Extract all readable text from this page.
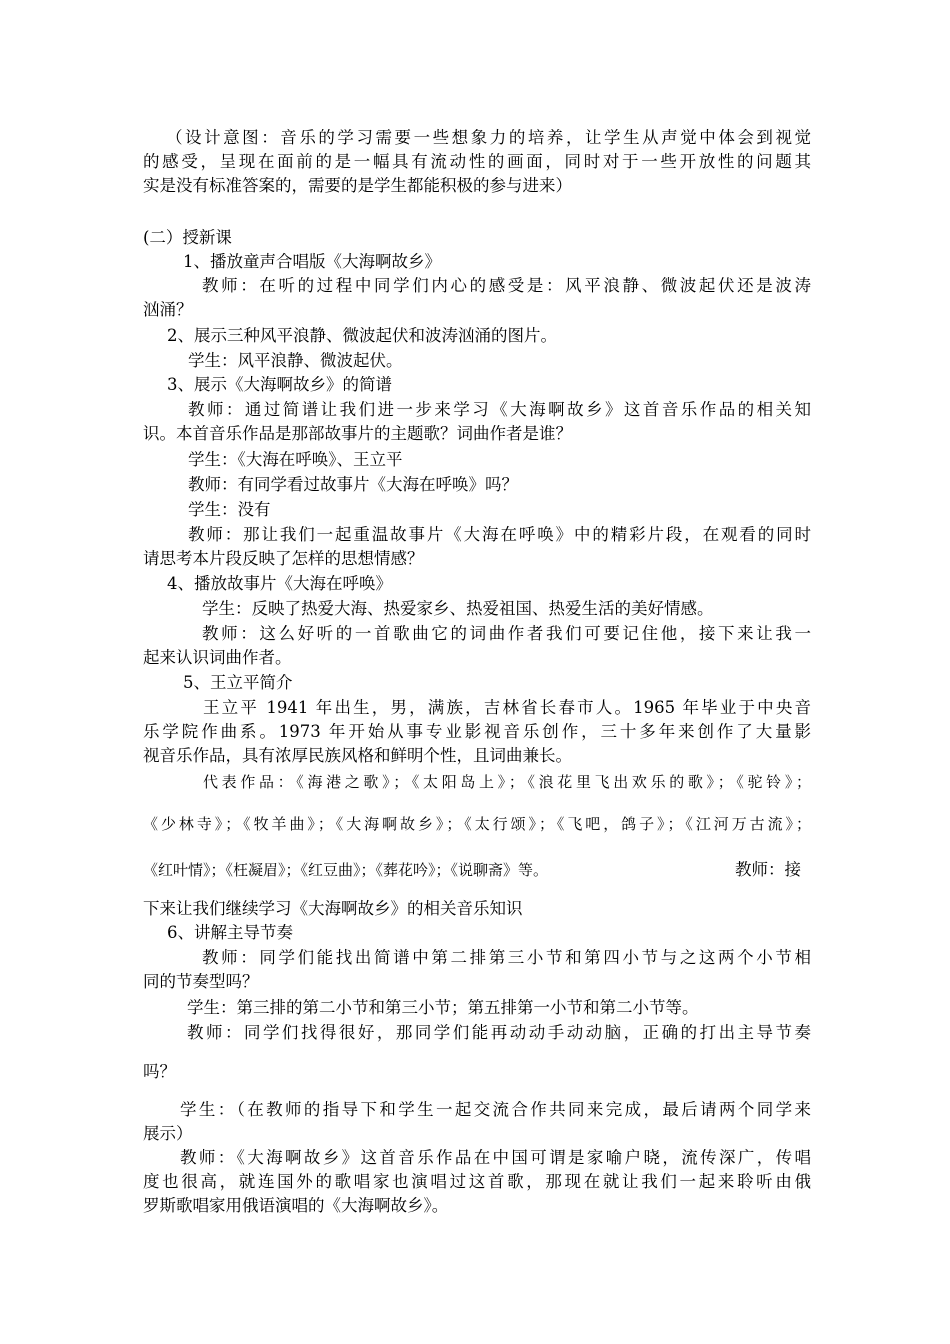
（设计意图：音乐的学习需要一些想象力的培养，让学生从声觉中体会到视觉
的感受，呈现在面前的是一幅具有流动性的画面，同时对于一些开放性的问题其
实是没有标准答案的，需要的是学生都能积极的参与进来）
(二）授新课
1、播放童声合唱版《大海啊故乡》
教师：在听的过程中同学们内心的感受是：风平浪静、微波起伏还是波涛
汹涌？
2、展示三种风平浪静、微波起伏和波涛汹涌的图片。
学生：风平浪静、微波起伏。
3、展示《大海啊故乡》的简谱
教师：通过简谱让我们进一步来学习《大海啊故乡》这首音乐作品的相关知
识。本首音乐作品是那部故事片的主题歌？词曲作者是谁？
学生：《大海在呼唤》、王立平
教师：有同学看过故事片《大海在呼唤》吗？
学生：没有
教师：那让我们一起重温故事片《大海在呼唤》中的精彩片段，在观看的同时
请思考本片段反映了怎样的思想情感？
4、播放故事片《大海在呼唤》
学生：反映了热爱大海、热爱家乡、热爱祖国、热爱生活的美好情感。
教师：这么好听的一首歌曲它的词曲作者我们可要记住他，接下来让我一
起来认识词曲作者。
5、王立平简介
王立平 1941 年出生，男，满族，吉林省长春市人。1965 年毕业于中央音
乐学院作曲系。1973 年开始从事专业影视音乐创作，三十多年来创作了大量影
视音乐作品，具有浓厚民族风格和鲜明个性，且词曲兼长。
代表作品：《海港之歌》；《太阳岛上》；《浪花里飞出欢乐的歌》；《驼铃》；
《少林寺》；《牧羊曲》；《大海啊故乡》；《太行颂》；《飞吧，鸽子》；《江河万古流》；
《红叶情》；《枉凝眉》；《红豆曲》；《葬花吟》；《说聊斋》等。	教师：接
下来让我们继续学习《大海啊故乡》的相关音乐知识
6、讲解主导节奏
教师：同学们能找出简谱中第二排第三小节和第四小节与之这两个小节相
同的节奏型吗？
学生：第三排的第二小节和第三小节；第五排第一小节和第二小节等。
教师：同学们找得很好，那同学们能再动动手动动脑，正确的打出主导节奏
吗？
学生：（在教师的指导下和学生一起交流合作共同来完成，最后请两个同学来
展示）
教师：《大海啊故乡》这首音乐作品在中国可谓是家喻户晓，流传深广，传唱
度也很高，就连国外的歌唱家也演唱过这首歌，那现在就让我们一起来聆听由俄
罗斯歌唱家用俄语演唱的《大海啊故乡》。
